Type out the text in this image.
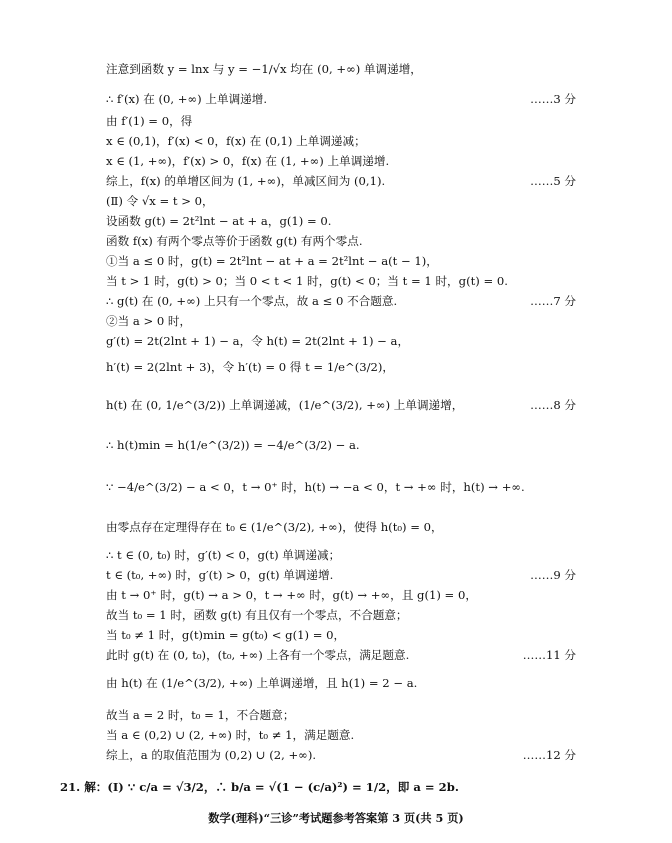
注意到函数 y = lnx 与 y = −1/√x 均在 (0, +∞) 单调递增，
∴ f′(x) 在 (0, +∞) 上单调递增.	……3 分
由 f′(1) = 0，得
x ∈ (0,1)，f′(x) < 0，f(x) 在 (0,1) 上单调递减；
x ∈ (1, +∞)，f′(x) > 0，f(x) 在 (1, +∞) 上单调递增.
综上，f(x) 的单增区间为 (1, +∞)，单减区间为 (0,1).	……5 分
(Ⅱ) 令 √x = t > 0，
设函数 g(t) = 2t²lnt − at + a，g(1) = 0.
函数 f(x) 有两个零点等价于函数 g(t) 有两个零点.
①当 a ≤ 0 时，g(t) = 2t²lnt − at + a = 2t²lnt − a(t − 1)，
当 t > 1 时，g(t) > 0；当 0 < t < 1 时，g(t) < 0；当 t = 1 时，g(t) = 0.
∴ g(t) 在 (0, +∞) 上只有一个零点，故 a ≤ 0 不合题意.	……7 分
②当 a > 0 时，
g′(t) = 2t(2lnt + 1) − a，令 h(t) = 2t(2lnt + 1) − a，
h′(t) = 2(2lnt + 3)，令 h′(t) = 0 得 t = 1/e^(3/2)，
h(t) 在 (0, 1/e^(3/2)) 上单调递减，(1/e^(3/2), +∞) 上单调递增，	……8 分
∴ h(t)min = h(1/e^(3/2)) = −4/e^(3/2) − a.
∵ −4/e^(3/2) − a < 0，t → 0⁺ 时，h(t) → −a < 0，t → +∞ 时，h(t) → +∞.
由零点存在定理得存在 t₀ ∈ (1/e^(3/2), +∞)，使得 h(t₀) = 0，
∴ t ∈ (0, t₀) 时，g′(t) < 0，g(t) 单调递减；
t ∈ (t₀, +∞) 时，g′(t) > 0，g(t) 单调递增.	……9 分
由 t → 0⁺ 时，g(t) → a > 0，t → +∞ 时，g(t) → +∞，且 g(1) = 0，
故当 t₀ = 1 时，函数 g(t) 有且仅有一个零点，不合题意；
当 t₀ ≠ 1 时，g(t)min = g(t₀) < g(1) = 0，
此时 g(t) 在 (0, t₀)，(t₀, +∞) 上各有一个零点，满足题意.	……11 分
由 h(t) 在 (1/e^(3/2), +∞) 上单调递增，且 h(1) = 2 − a.
故当 a = 2 时，t₀ = 1，不合题意；
当 a ∈ (0,2) ∪ (2, +∞) 时，t₀ ≠ 1，满足题意.
综上，a 的取值范围为 (0,2) ∪ (2, +∞).	……12 分
21. 解：(Ⅰ) ∵ c/a = √3/2，∴ b/a = √(1 − (c/a)²) = 1/2，即 a = 2b.
数学(理科)“三诊”考试题参考答案第 3 页(共 5 页)
